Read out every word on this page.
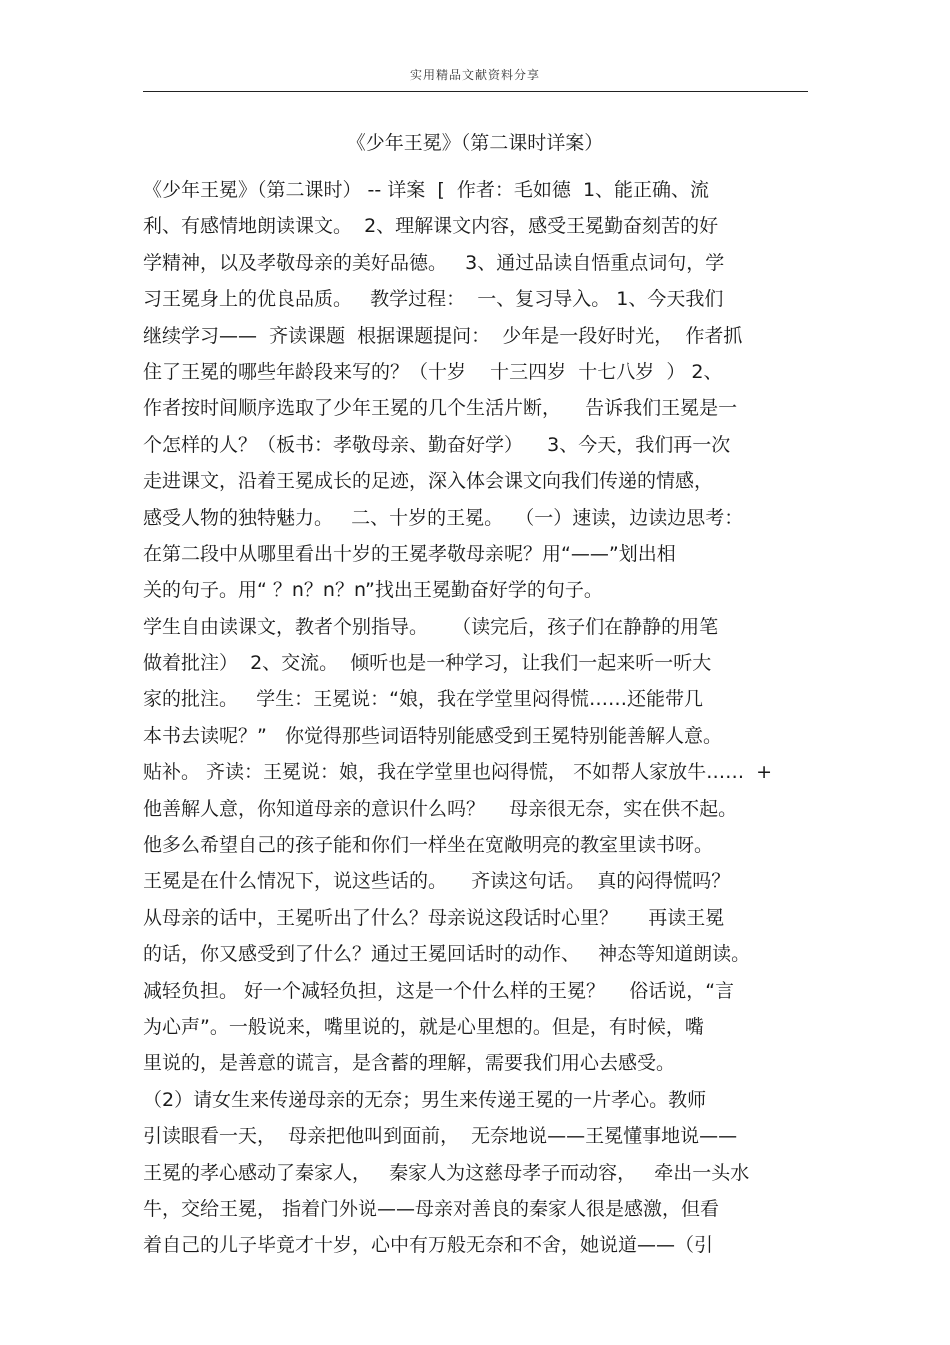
实用精品文献资料分享
《少年王冕》（第二课时详案）
《少年王冕》（第二课时） -- 详案  [  作者：毛如德  1、能正确、流
利、有感情地朗读课文。  2、理解课文内容，感受王冕勤奋刻苦的好
学精神，以及孝敬母亲的美好品德。   3、通过品读自悟重点词句，学
习王冕身上的优良品质。   教学过程：  一、复习导入。 1、今天我们
继续学习——  齐读课题  根据课题提问：  少年是一段好时光，  作者抓
住了王冕的哪些年龄段来写的？（十岁    十三四岁  十七八岁  ） 2、
作者按时间顺序选取了少年王冕的几个生活片断，    告诉我们王冕是一
个怎样的人？（板书：孝敬母亲、勤奋好学）    3、今天，我们再一次
走进课文，沿着王冕成长的足迹，深入体会课文向我们传递的情感，
感受人物的独特魅力。   二、十岁的王冕。  （一）速读，边读边思考：
在第二段中从哪里看出十岁的王冕孝敬母亲呢？用“——”划出相
关的句子。用“ ？n？n？n”找出王冕勤奋好学的句子。
学生自由读课文，教者个别指导。    （读完后，孩子们在静静的用笔
做着批注）  2、交流。  倾听也是一种学习，让我们一起来听一听大
家的批注。   学生：王冕说：“娘，我在学堂里闷得慌……还能带几
本书去读呢？”   你觉得那些词语特别能感受到王冕特别能善解人意。
贴补。 齐读：王冕说：娘，我在学堂里也闷得慌， 不如帮人家放牛……  +
他善解人意，你知道母亲的意识什么吗？    母亲很无奈，实在供不起。
他多么希望自己的孩子能和你们一样坐在宽敞明亮的教室里读书呀。
王冕是在什么情况下，说这些话的。    齐读这句话。  真的闷得慌吗？
从母亲的话中，王冕听出了什么？母亲说这段话时心里？     再读王冕
的话，你又感受到了什么？通过王冕回话时的动作、   神态等知道朗读。
减轻负担。 好一个减轻负担，这是一个什么样的王冕？    俗话说，“言
为心声”。一般说来，嘴里说的，就是心里想的。但是，有时候，嘴
里说的，是善意的谎言，是含蓄的理解，需要我们用心去感受。
（2）请女生来传递母亲的无奈；男生来传递王冕的一片孝心。教师
引读眼看一天，  母亲把他叫到面前，  无奈地说——王冕懂事地说——
王冕的孝心感动了秦家人，   秦家人为这慈母孝子而动容，   牵出一头水
牛，交给王冕， 指着门外说——母亲对善良的秦家人很是感激，但看
着自己的儿子毕竟才十岁，心中有万般无奈和不舍，她说道——（引
